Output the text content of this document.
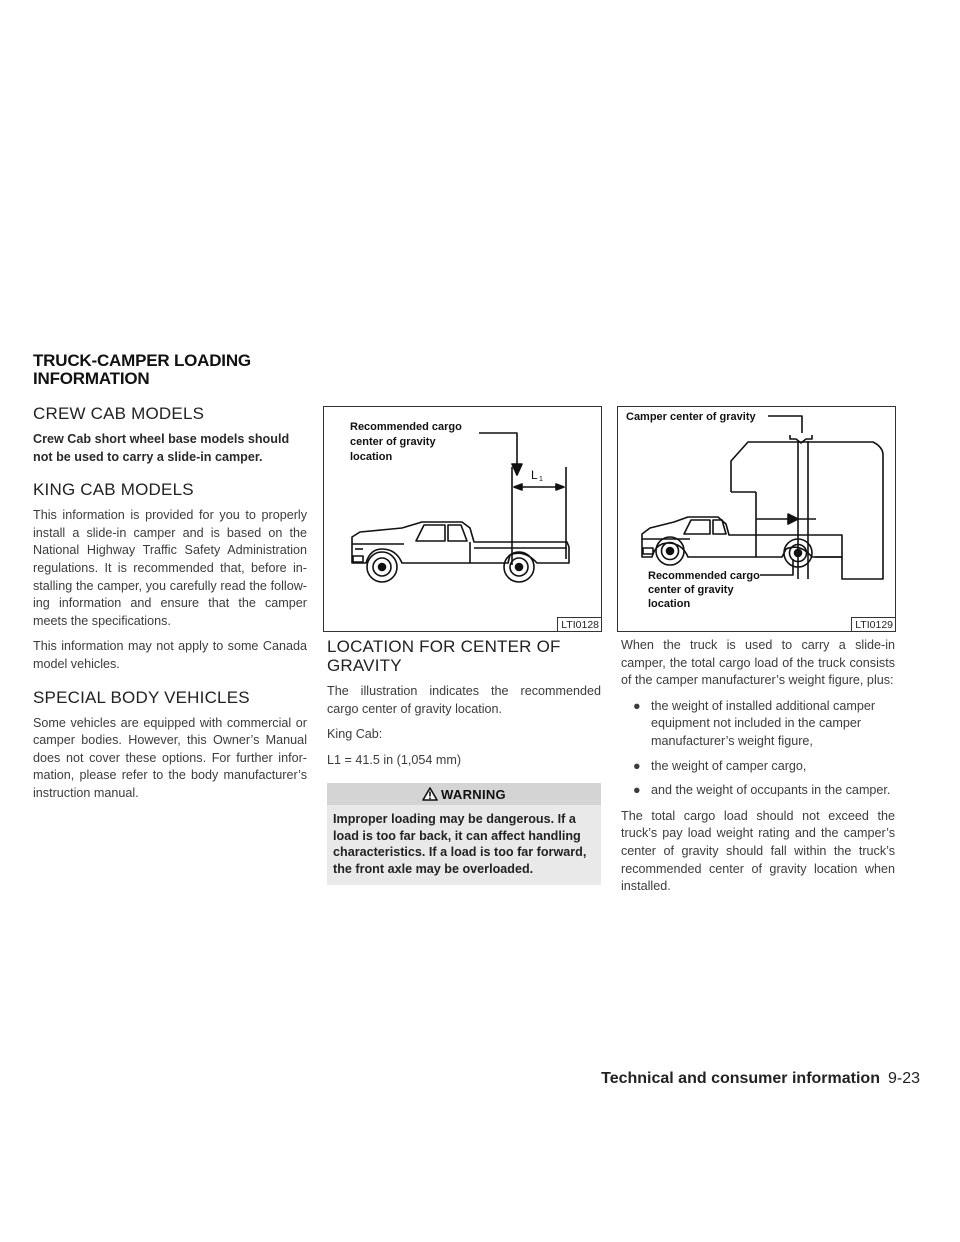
TRUCK-CAMPER LOADING
INFORMATION
CREW CAB MODELS

Crew Cab short wheel base models should not be used to carry a slide-in camper.

KING CAB MODELS

This information is provided for you to properly install a slide-in camper and is based on the National Highway Traffic Safety Administration regulations. It is recommended that, before in- stalling the camper, you carefully read the follow- ing information and ensure that the camper meets the specifications.

This information may not apply to some Canada model vehicles.

SPECIAL BODY VEHICLES

Some vehicles are equipped with commercial or camper bodies. However, this Owner’s Manual does not cover these options. For further infor- mation, please refer to the body manufacturer’s instruction manual.

Recommended cargo
center of gravity
location
L 1
LTI0128
LOCATION FOR CENTER OF
GRAVITY

The illustration indicates the recommended cargo center of gravity location.

King Cab:

L1 = 41.5 in (1,054 mm)

WARNING
Improper loading may be dangerous. If a load is too far back, it can affect handling characteristics. If a load is too far forward, the front axle may be overloaded.
Camper center of gravity
Recommended cargo
center of gravity
location
LTI0129

When the truck is used to carry a slide-in camper, the total cargo load of the truck consists of the camper manufacturer’s weight figure, plus:

● the weight of installed additional camper equipment not included in the camper manufacturer’s weight figure,
● the weight of camper cargo,
● and the weight of occupants in the camper.

The total cargo load should not exceed the truck’s pay load weight rating and the camper’s center of gravity should fall within the truck’s recommended center of gravity location when installed.

Technical and consumer information 9-23
